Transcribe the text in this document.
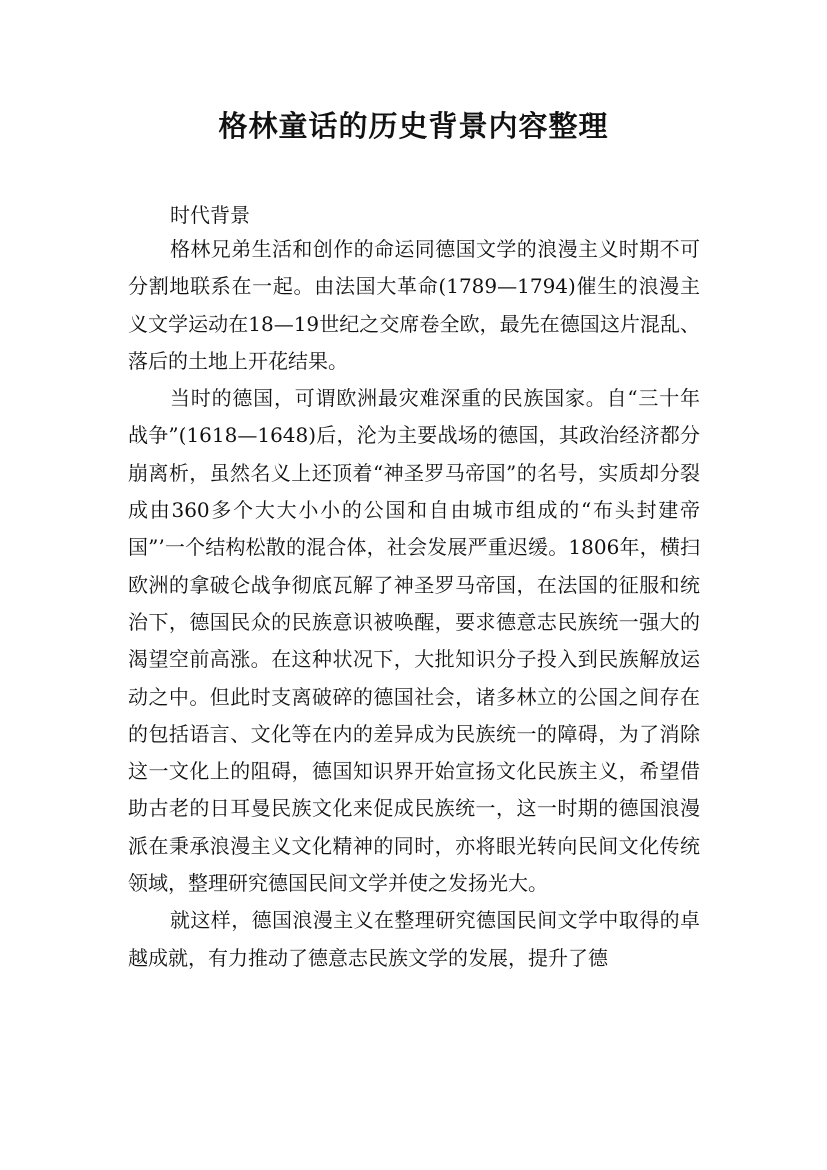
格林童话的历史背景内容整理
时代背景

格林兄弟生活和创作的命运同德国文学的浪漫主义时期不可分割地联系在一起。由法国大革命(1789—1794)催生的浪漫主义文学运动在18—19世纪之交席卷全欧，最先在德国这片混乱、落后的土地上开花结果。

当时的德国，可谓欧洲最灾难深重的民族国家。自“三十年战争”(1618—1648)后，沦为主要战场的德国，其政治经济都分崩离析，虽然名义上还顶着“神圣罗马帝国”的名号，实质却分裂成由360多个大大小小的公国和自由城市组成的“布头封建帝国”’一个结构松散的混合体，社会发展严重迟缓。1806年，横扫欧洲的拿破仑战争彻底瓦解了神圣罗马帝国，在法国的征服和统治下，德国民众的民族意识被唤醒，要求德意志民族统一强大的渴望空前高涨。在这种状况下，大批知识分子投入到民族解放运动之中。但此时支离破碎的德国社会，诸多林立的公国之间存在的包括语言、文化等在内的差异成为民族统一的障碍，为了消除这一文化上的阻碍，德国知识界开始宣扬文化民族主义，希望借助古老的日耳曼民族文化来促成民族统一，这一时期的德国浪漫派在秉承浪漫主义文化精神的同时，亦将眼光转向民间文化传统领域，整理研究德国民间文学并使之发扬光大。

就这样，德国浪漫主义在整理研究德国民间文学中取得的卓越成就，有力推动了德意志民族文学的发展，提升了德
